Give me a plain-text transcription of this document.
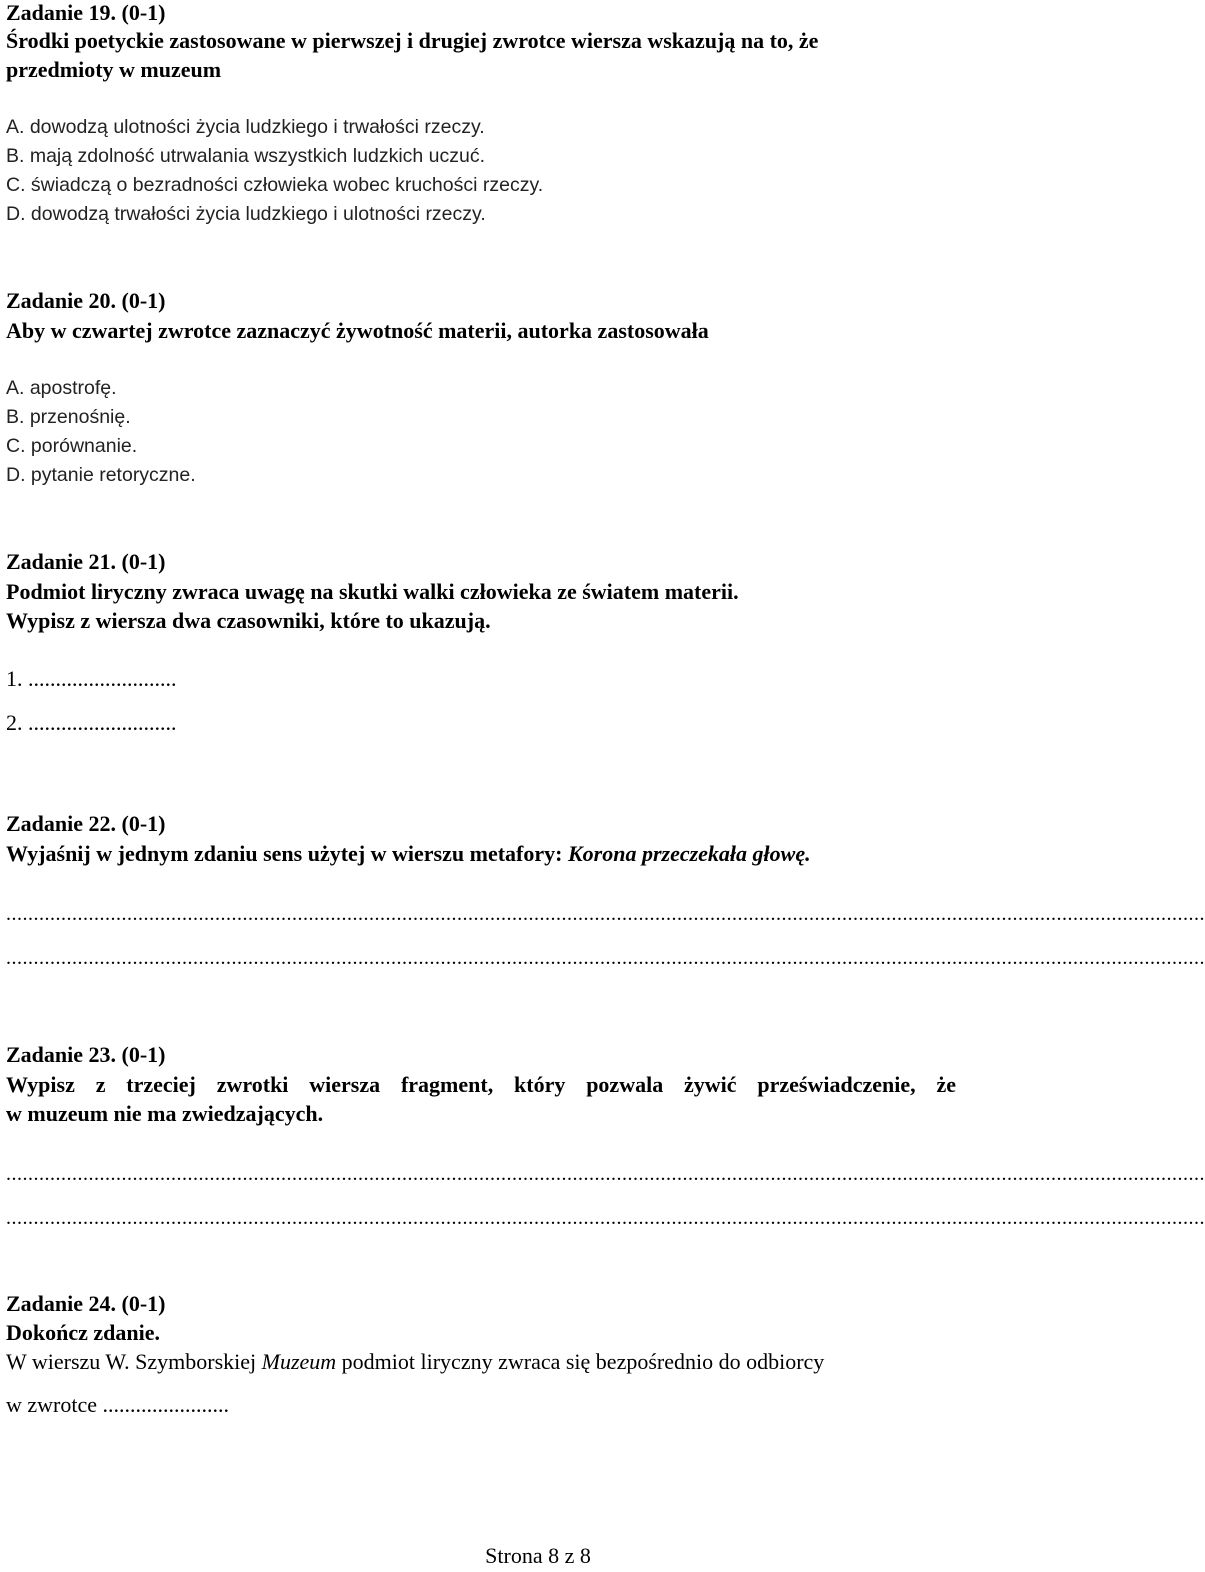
Zadanie 19. (0-1)
Środki poetyckie zastosowane w pierwszej i drugiej zwrotce wiersza wskazują na to, że
przedmioty w muzeum
A. dowodzą ulotności życia ludzkiego i trwałości rzeczy.
B. mają zdolność utrwalania wszystkich ludzkich uczuć.
C. świadczą o bezradności człowieka wobec kruchości rzeczy.
D. dowodzą trwałości życia ludzkiego i ulotności rzeczy.
Zadanie 20. (0-1)
Aby w czwartej zwrotce zaznaczyć żywotność materii, autorka zastosowała
A. apostrofę.
B. przenośnię.
C. porównanie.
D. pytanie retoryczne.
Zadanie 21. (0-1)
Podmiot liryczny zwraca uwagę na skutki walki człowieka ze światem materii.
Wypisz z wiersza dwa czasowniki, które to ukazują.
1. ...........................
2. ...........................
Zadanie 22. (0-1)
Wyjaśnij w jednym zdaniu sens użytej w wierszu metafory: Korona przeczekała głowę.
..........................................................................................................................................................................................................................
..........................................................................................................................................................................................................................
Zadanie 23. (0-1)
Wypisz z trzeciej zwrotki wiersza fragment, który pozwala żywić przeświadczenie, że
w muzeum nie ma zwiedzających.
..........................................................................................................................................................................................................................
..........................................................................................................................................................................................................................
Zadanie 24. (0-1)
Dokończ zdanie.
W wierszu W. Szymborskiej Muzeum podmiot liryczny zwraca się bezpośrednio do odbiorcy
w zwrotce .......................
Strona 8 z 8
